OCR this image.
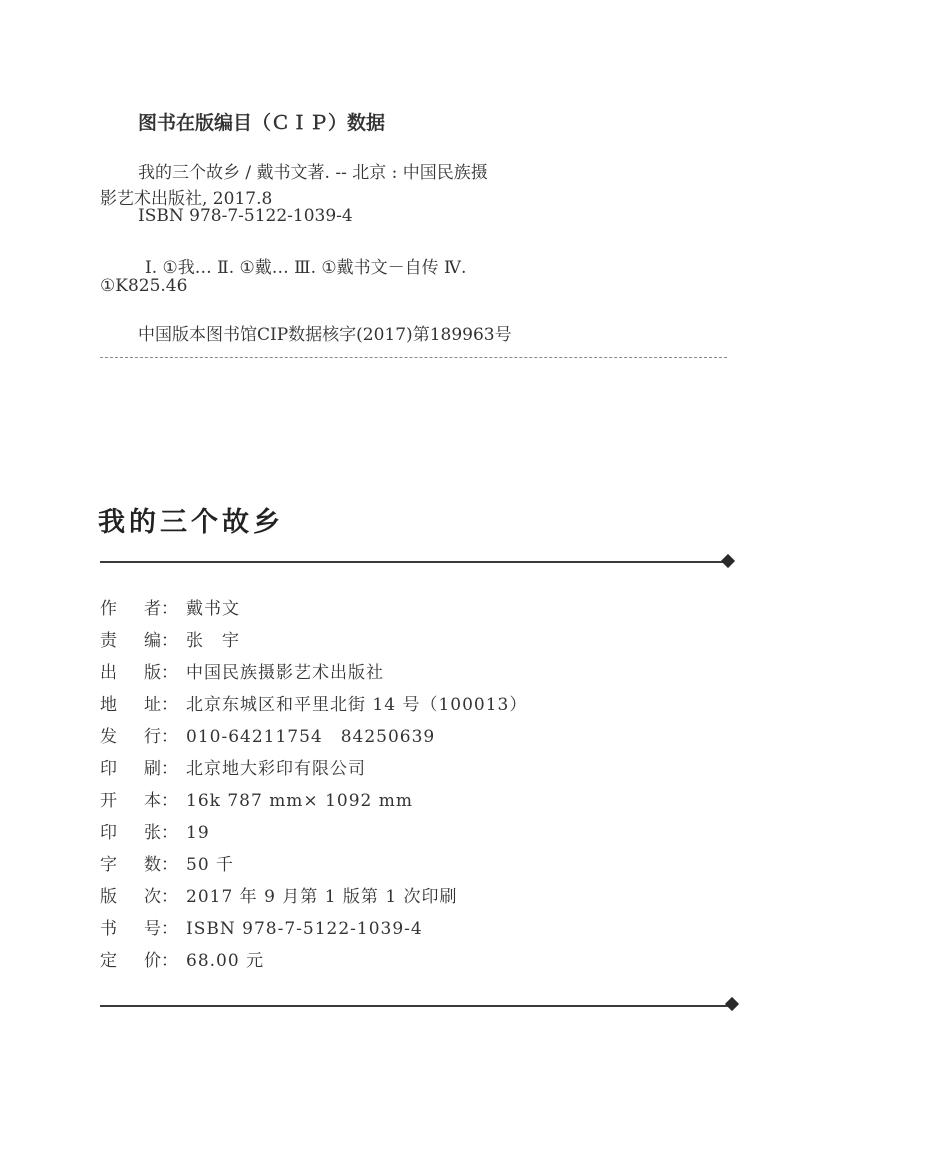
图书在版编目（ＣＩＰ）数据
我的三个故乡 / 戴书文著. -- 北京 : 中国民族摄
影艺术出版社, 2017.8
ISBN 978-7-5122-1039-4
Ⅰ. ①我… Ⅱ. ①戴… Ⅲ. ①戴书文－自传 Ⅳ.
①K825.46
中国版本图书馆CIP数据核字(2017)第189963号
我的三个故乡
作 者： 戴书文
责 编： 张　宇
出 版： 中国民族摄影艺术出版社
地 址： 北京东城区和平里北街 14 号（100013）
发 行： 010-64211754　84250639
印 刷： 北京地大彩印有限公司
开 本： 16k 787 mm× 1092 mm
印 张： 19
字 数： 50 千
版 次： 2017 年 9 月第 1 版第 1 次印刷
书 号： ISBN 978-7-5122-1039-4
定 价： 68.00 元
